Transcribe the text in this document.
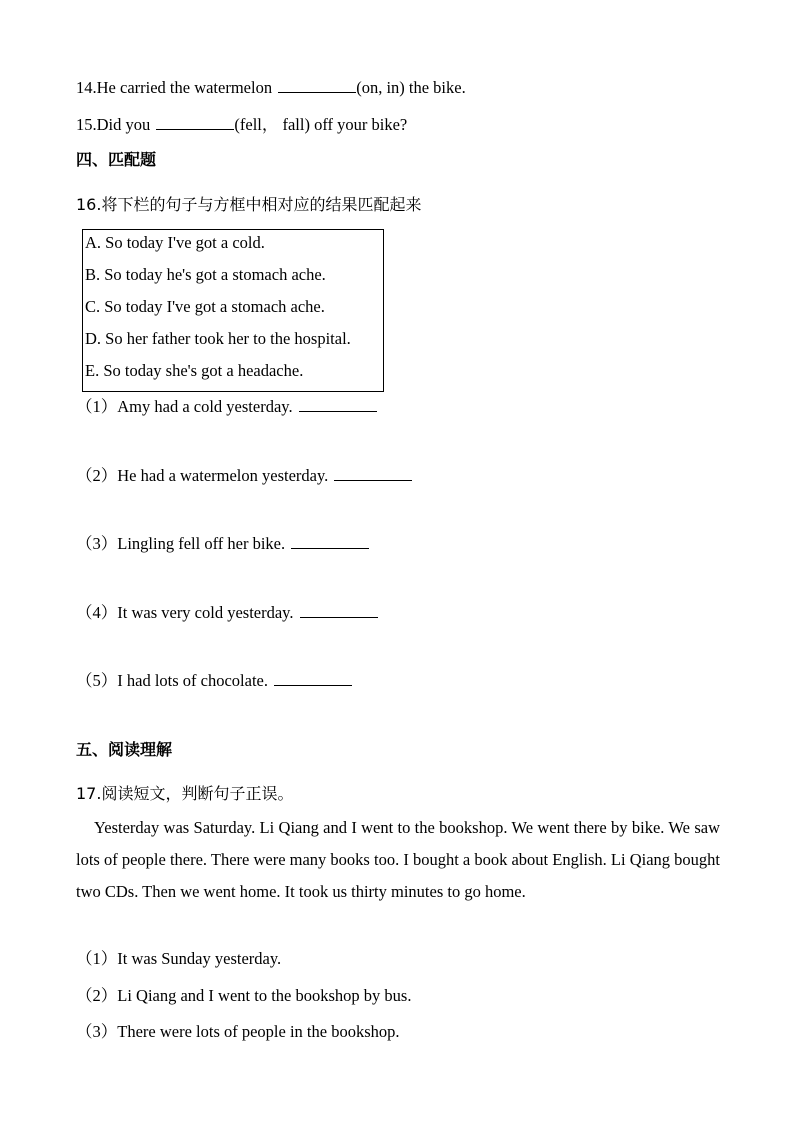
14.He carried the watermelon	(on, in) the bike.
15.Did you	(fell， fall) off your bike?
四、匹配题
16.将下栏的句子与方框中相对应的结果匹配起来
A. So today I've got a cold.
B. So today he's got a stomach ache.
C. So today I've got a stomach ache.
D. So her father took her to the hospital.
E. So today she's got a headache.
（1）Amy had a cold yesterday.
（2）He had a watermelon yesterday.
（3）Lingling fell off her bike.
（4）It was very cold yesterday.
（5）I had lots of chocolate.
五、阅读理解
17.阅读短文，判断句子正误。
Yesterday was Saturday. Li Qiang and I went to the bookshop. We went there by bike. We saw lots of people there. There were many books too. I bought a book about English. Li Qiang bought two CDs. Then we went home. It took us thirty minutes to go home.
（1）It was Sunday yesterday.
（2）Li Qiang and I went to the bookshop by bus.
（3）There were lots of people in the bookshop.
